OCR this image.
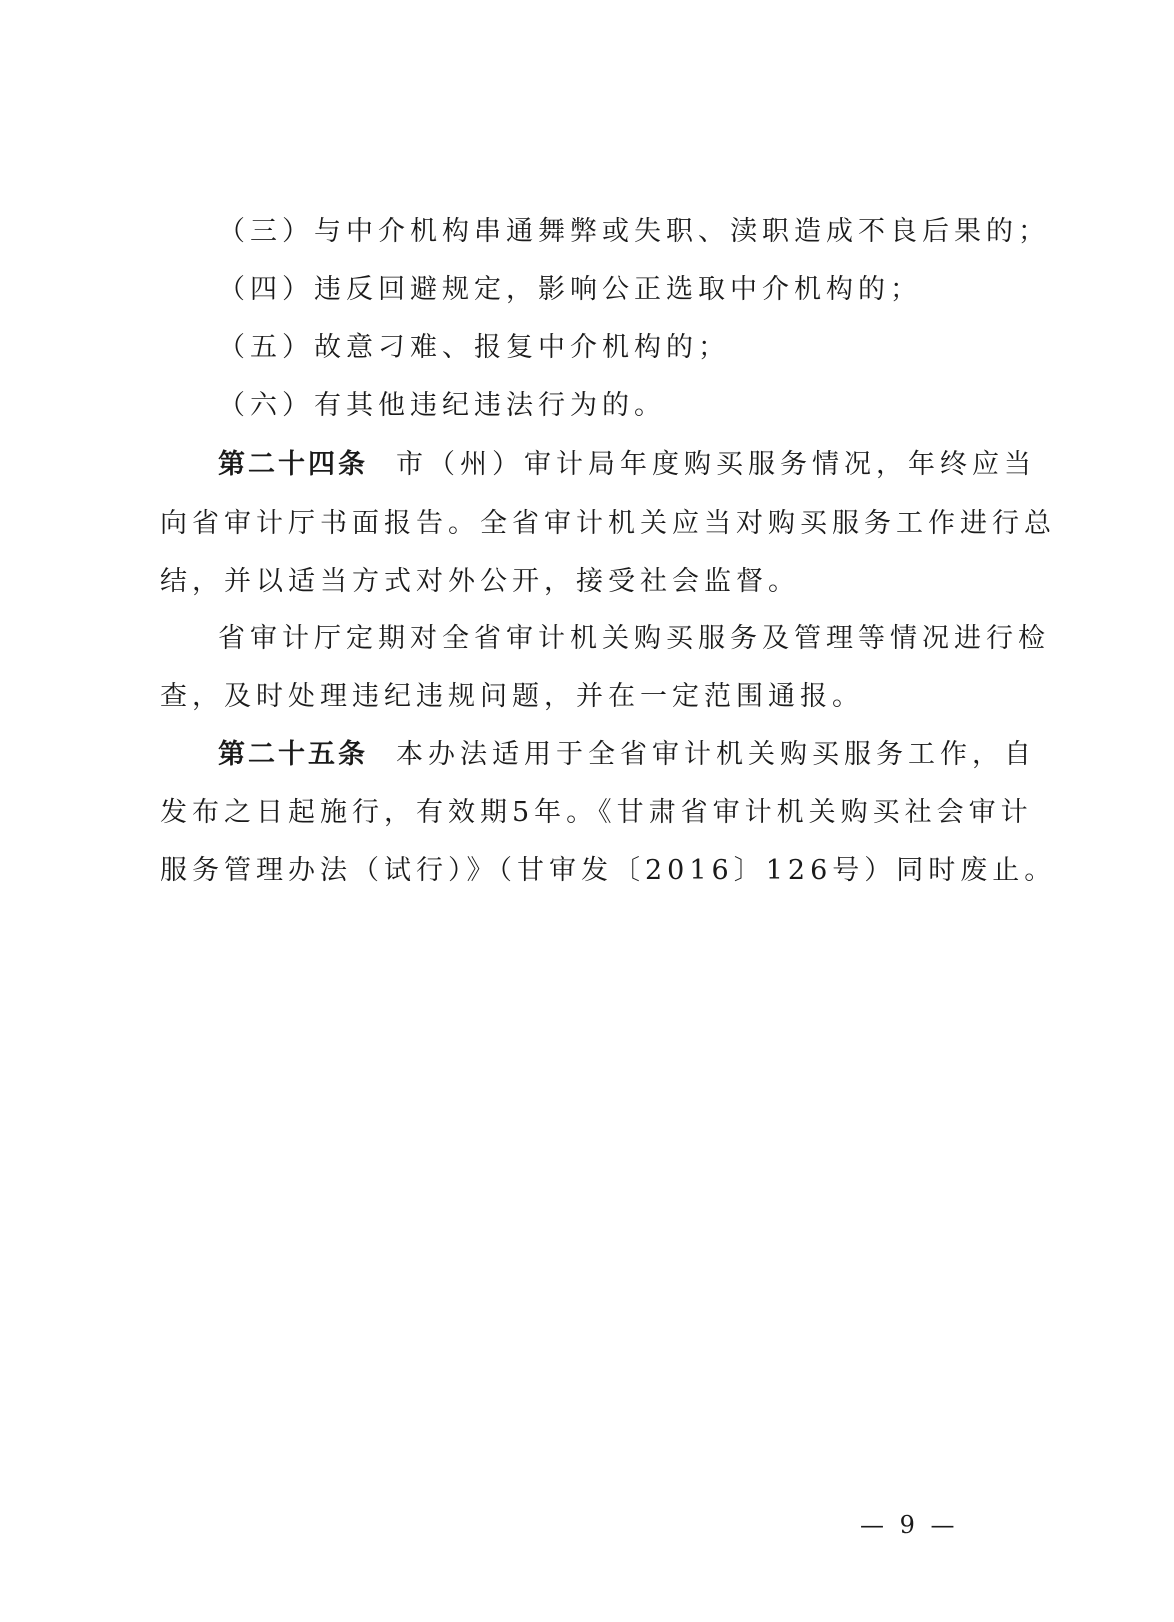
（三）与中介机构串通舞弊或失职、渎职造成不良后果的；
（四）违反回避规定，影响公正选取中介机构的；
（五）故意刁难、报复中介机构的；
（六）有其他违纪违法行为的。
第二十四条 市（州）审计局年度购买服务情况，年终应当
向省审计厅书面报告。全省审计机关应当对购买服务工作进行总
结，并以适当方式对外公开，接受社会监督。
省审计厅定期对全省审计机关购买服务及管理等情况进行检
查，及时处理违纪违规问题，并在一定范围通报。
第二十五条 本办法适用于全省审计机关购买服务工作，自
发布之日起施行，有效期5年。《甘肃省审计机关购买社会审计
服务管理办法（试行）》（甘审发〔2016〕126号）同时废止。
— 9 —
